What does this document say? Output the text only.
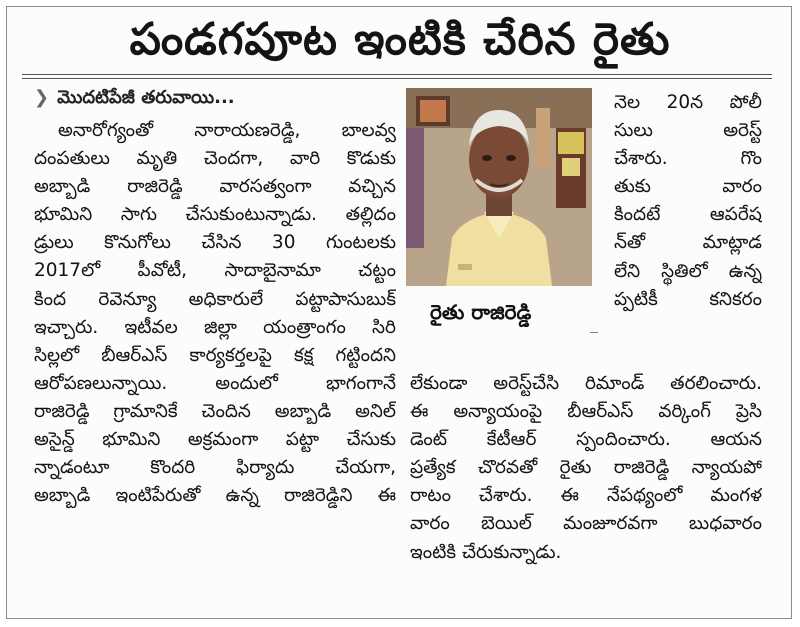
పండగపూట ఇంటికి చేరిన రైతు
❯ మొదటిపేజీ తరువాయి...
అనారోగ్యంతో నారాయణరెడ్డి, బాలవ్వ
దంపతులు మృతి చెందగా, వారి కొడుకు
అబ్బాడి రాజిరెడ్డి వారసత్వంగా వచ్చిన
భూమిని సాగు చేసుకుంటున్నాడు. తల్లిదం
డ్రులు కొనుగోలు చేసిన 30 గుంటలకు
2017లో పీవోటీ, సాదాబైనామా చట్టం
కింద రెవెన్యూ అధికారులే పట్టాపాసుబుక్
ఇచ్చారు. ఇటీవల జిల్లా యంత్రాంగం సిరి
సిల్లలో బీఆర్ఎస్ కార్యకర్తలపై కక్ష గట్టిందని
ఆరోపణలున్నాయి. అందులో భాగంగానే
రాజిరెడ్డి గ్రామానికే చెందిన అబ్బాడి అనిల్
అసైన్డ్ భూమిని అక్రమంగా పట్టా చేసుకు
న్నాడంటూ కొందరి ఫిర్యాదు చేయగా,
అబ్బాడి ఇంటిపేరుతో ఉన్న రాజిరెడ్డిని ఈ
రైతు రాజిరెడ్డి
నెల 20న పోలీ
సులు అరెస్ట్
చేశారు. గొం
తుకు వారం
కిందటే ఆపరేష
న్‌తో మాట్లాడ
లేని స్థితిలో ఉన్న
ప్పటికీ కనికరం
లేకుండా అరెస్ట్‌చేసి రిమాండ్ తరలించారు.
ఈ అన్యాయంపై బీఆర్ఎస్ వర్కింగ్ ప్రెసి
డెంట్ కేటీఆర్ స్పందించారు. ఆయన
ప్రత్యేక చొరవతో రైతు రాజిరెడ్డి న్యాయపో
రాటం చేశారు. ఈ నేపథ్యంలో మంగళ
వారం బెయిల్ మంజూరవగా బుధవారం
ఇంటికి చేరుకున్నాడు.
